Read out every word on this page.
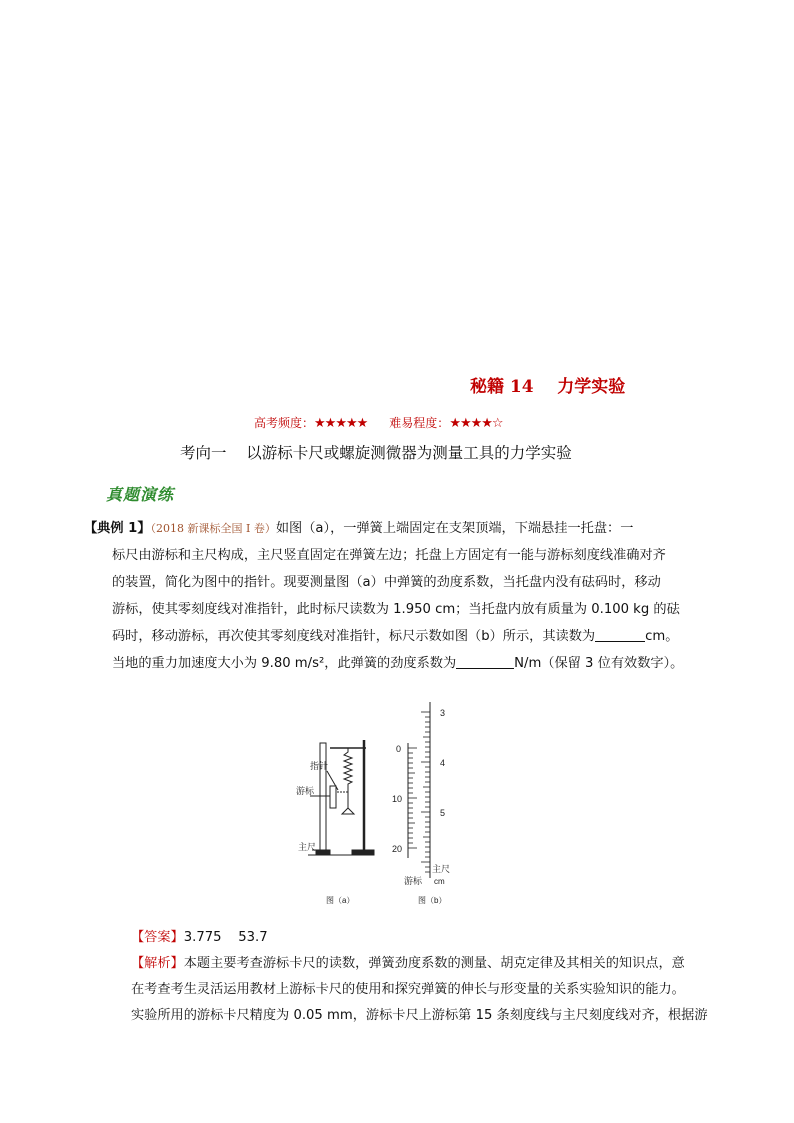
秘籍 14    力学实验
高考频度：★★★★★ 难易程度：★★★★☆
考向一    以游标卡尺或螺旋测微器为测量工具的力学实验
真题演练
【典例 1】（2018 新课标全国 I 卷）如图（a），一弹簧上端固定在支架顶端，下端悬挂一托盘：一
标尺由游标和主尺构成，主尺竖直固定在弹簧左边；托盘上方固定有一能与游标刻度线准确对齐
的装置，简化为图中的指针。现要测量图（a）中弹簧的劲度系数，当托盘内没有砝码时，移动
游标，使其零刻度线对准指针，此时标尺读数为 1.950 cm；当托盘内放有质量为 0.100 kg 的砝
码时，移动游标，再次使其零刻度线对准指针，标尺示数如图（b）所示，其读数为	cm。
当地的重力加速度大小为 9.80 m/s²，此弹簧的劲度系数为	N/m（保留 3 位有效数字）。
指针
游标
主尺
图（a）
3
4
5
0
10
20
主尺
cm
游标
图（b）
【答案】3.775    53.7
【解析】本题主要考查游标卡尺的读数，弹簧劲度系数的测量、胡克定律及其相关的知识点，意
在考查考生灵活运用教材上游标卡尺的使用和探究弹簧的伸长与形变量的关系实验知识的能力。
实验所用的游标卡尺精度为 0.05 mm，游标卡尺上游标第 15 条刻度线与主尺刻度线对齐，根据游
